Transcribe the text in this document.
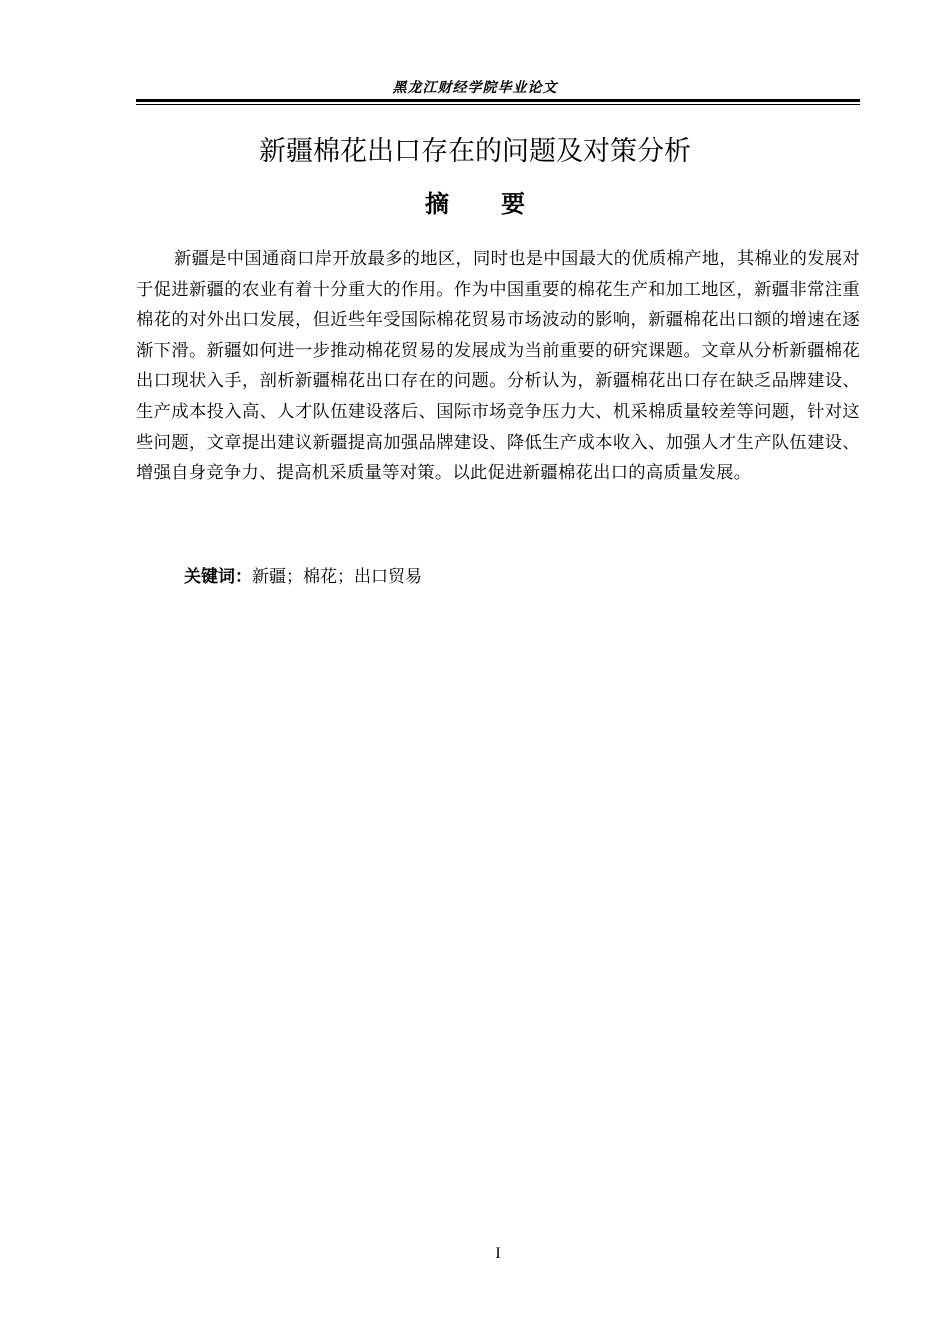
黑龙江财经学院毕业论文
新疆棉花出口存在的问题及对策分析
摘要
新疆是中国通商口岸开放最多的地区，同时也是中国最大的优质棉产地，其棉业的发展对于促进新疆的农业有着十分重大的作用。作为中国重要的棉花生产和加工地区，新疆非常注重棉花的对外出口发展，但近些年受国际棉花贸易市场波动的影响，新疆棉花出口额的增速在逐渐下滑。新疆如何进一步推动棉花贸易的发展成为当前重要的研究课题。文章从分析新疆棉花出口现状入手，剖析新疆棉花出口存在的问题。分析认为，新疆棉花出口存在缺乏品牌建设、生产成本投入高、人才队伍建设落后、国际市场竞争压力大、机采棉质量较差等问题，针对这些问题，文章提出建议新疆提高加强品牌建设、降低生产成本收入、加强人才生产队伍建设、增强自身竞争力、提高机采质量等对策。以此促进新疆棉花出口的高质量发展。
关键词：新疆；棉花；出口贸易
I
